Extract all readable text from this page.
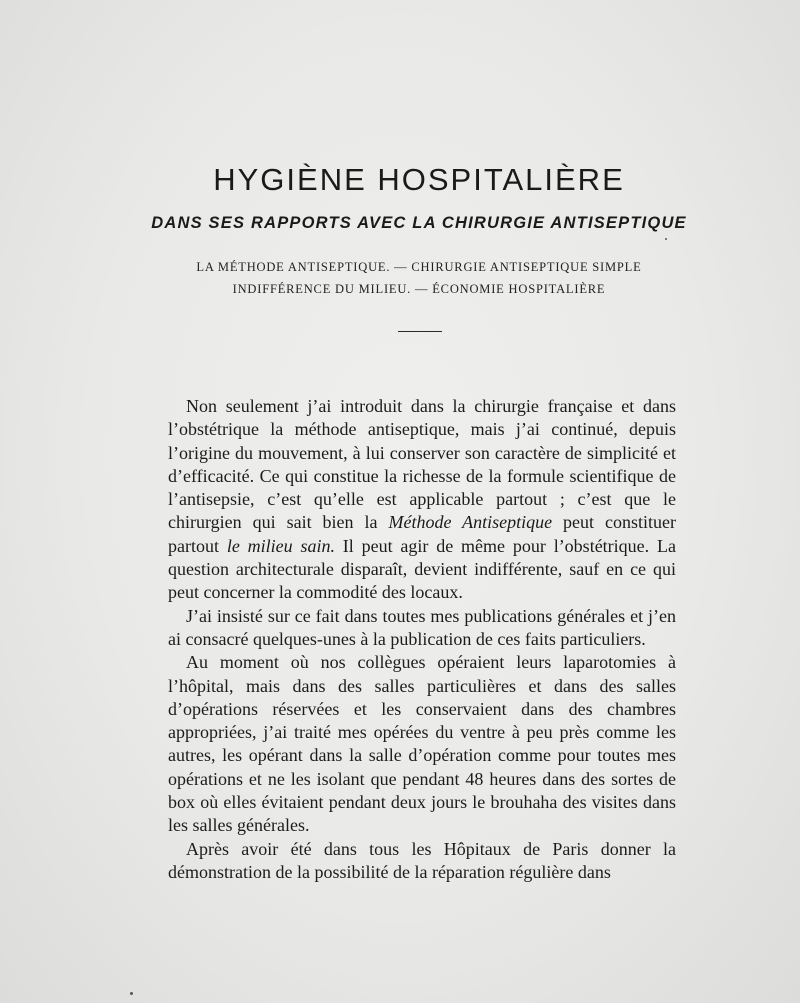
HYGIÈNE HOSPITALIÈRE
DANS SES RAPPORTS AVEC LA CHIRURGIE ANTISEPTIQUE
LA MÉTHODE ANTISEPTIQUE. — CHIRURGIE ANTISEPTIQUE SIMPLE
INDIFFÉRENCE DU MILIEU. — ÉCONOMIE HOSPITALIÈRE

Non seulement j’ai introduit dans la chirurgie française et dans l’obstétrique la méthode antiseptique, mais j’ai continué, depuis l’origine du mouvement, à lui conserver son caractère de simplicité et d’efficacité. Ce qui constitue la richesse de la formule scientifique de l’antisepsie, c’est qu’elle est applicable partout ; c’est que le chirurgien qui sait bien la Méthode Antiseptique peut constituer partout le milieu sain. Il peut agir de même pour l’obstétrique. La question architecturale disparaît, devient indifférente, sauf en ce qui peut concerner la commodité des locaux.

J’ai insisté sur ce fait dans toutes mes publications générales et j’en ai consacré quelques-unes à la publication de ces faits particuliers.

Au moment où nos collègues opéraient leurs laparotomies à l’hôpital, mais dans des salles particulières et dans des salles d’opérations réservées et les conservaient dans des chambres appropriées, j’ai traité mes opérées du ventre à peu près comme les autres, les opérant dans la salle d’opération comme pour toutes mes opérations et ne les isolant que pendant 48 heures dans des sortes de box où elles évitaient pendant deux jours le brouhaha des visites dans les salles générales.

Après avoir été dans tous les Hôpitaux de Paris donner la démonstration de la possibilité de la réparation régulière dans
